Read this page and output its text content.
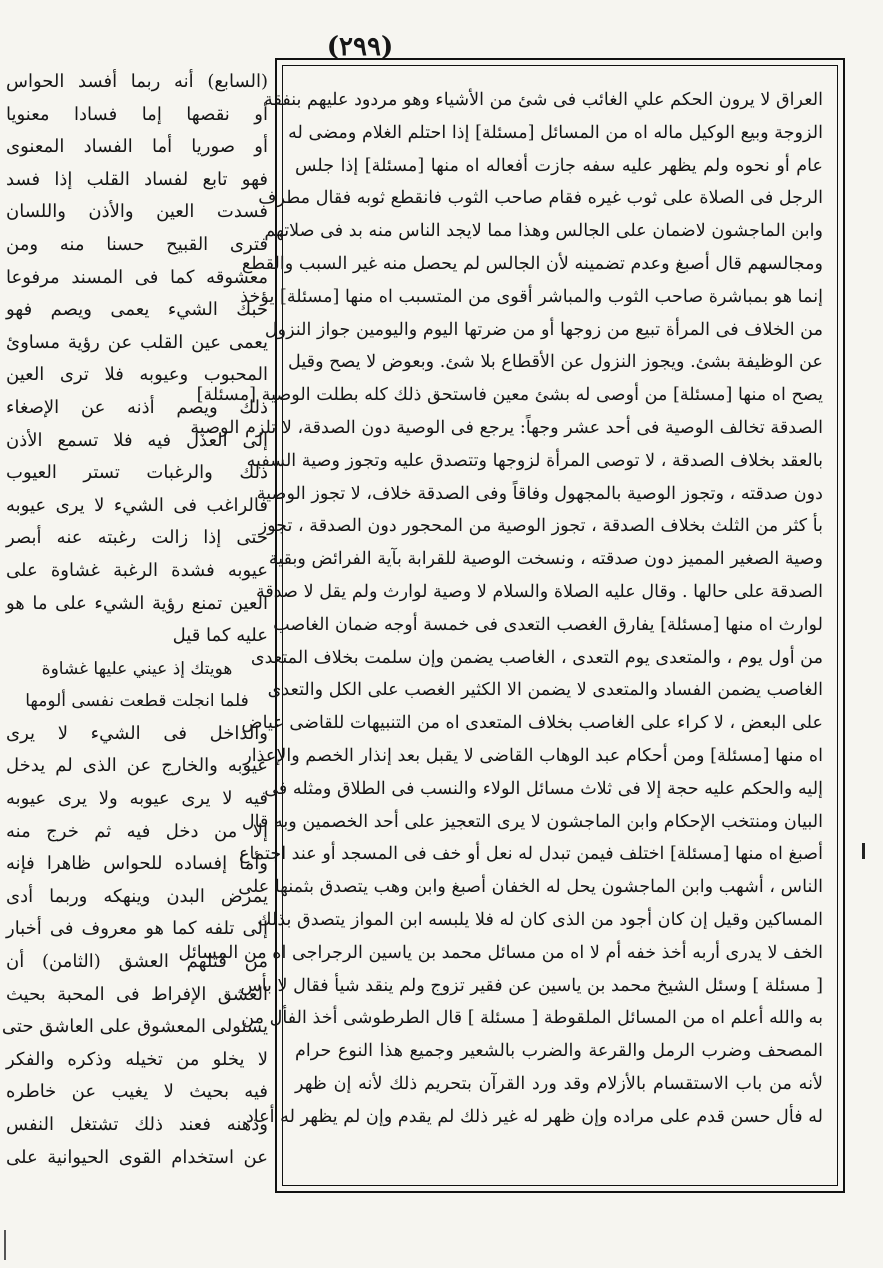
(٢٩٩)

العراق لا يرون الحكم علي الغائب فى شئ من الأشياء وهو مردود عليهم بنفقة

الزوجة وبيع الوكيل ماله اه من المسائل [مسئلة] إذا احتلم الغلام ومضى له

عام أو نحوه ولم يظهر عليه سفه جازت أفعاله اه منها [مسئلة] إذا جلس

الرجل فى الصلاة على ثوب غيره فقام صاحب الثوب فانقطع ثوبه فقال مطرف

وابن الماجشون لاضمان على الجالس وهذا مما لايجد الناس منه بد فى صلاتهم

ومجالسهم قال أصبغ وعدم تضمينه لأن الجالس لم يحصل منه غير السبب والقطع

إنما هو بمباشرة صاحب الثوب والمباشر أقوى من المتسبب اه منها [مسئلة] يؤخذ

من الخلاف فى المرأة تبيع من زوجها أو من ضرتها اليوم واليومين جواز النزول

عن الوظيفة بشئ. ويجوز النزول عن الأقطاع بلا شئ. وبعوض لا يصح وقيل

يصح اه منها [مسئلة] من أوصى له بشئ معين فاستحق ذلك كله بطلت الوصية [مسئلة]

الصدقة تخالف الوصية فى أحد عشر وجهاً: يرجع فى الوصية دون الصدقة، لا تلزم الوصية

بالعقد بخلاف الصدقة ، لا توصى المرأة لزوجها وتتصدق عليه وتجوز وصية السفيه

دون صدقته ، وتجوز الوصية بالمجهول وفاقاً وفى الصدقة خلاف، لا تجوز الوصية

بأ كثر من الثلث بخلاف الصدقة ، تجوز الوصية من المحجور دون الصدقة ، تجوز

وصية الصغير المميز دون صدقته ، ونسخت الوصية للقرابة بآية الفرائض وبقية

الصدقة على حالها . وقال عليه الصلاة والسلام لا وصية لوارث ولم يقل لا صدقة

لوارث اه منها [مسئلة] يفارق الغصب التعدى فى خمسة أوجه ضمان الغاصب

من أول يوم ، والمتعدى يوم التعدى ، الغاصب يضمن وإن سلمت بخلاف المتعدى

الغاصب يضمن الفساد والمتعدى لا يضمن الا الكثير الغصب على الكل والتعدى

على البعض ، لا كراء على الغاصب بخلاف المتعدى اه من التنبيهات للقاضى عياض

اه منها [مسئلة] ومن أحكام عبد الوهاب القاضى لا يقبل بعد إنذار الخصم والإعذار

إليه والحكم عليه حجة إلا فى ثلاث مسائل الولاء والنسب فى الطلاق ومثله فى

البيان ومنتخب الإحكام وابن الماجشون لا يرى التعجيز على أحد الخصمين وبه قال

أصبغ اه منها [مسئلة] اختلف فيمن تبدل له نعل أو خف فى المسجد أو عند اجتماع

الناس ، أشهب وابن الماجشون يحل له الخفان أصبغ وابن وهب يتصدق بثمنها على

المساكين وقيل إن كان أجود من الذى كان له فلا يلبسه ابن المواز يتصدق بذلك

الخف لا يدرى أربه أخذ خفه أم لا اه من مسائل محمد بن ياسين الرجراجى اه من المسائل

[ مسئلة ] وسئل الشيخ محمد بن ياسين عن فقير تزوج ولم ينقد شيأ فقال لا بأس

به والله أعلم اه من المسائل الملقوطة [ مسئلة ] قال الطرطوشى أخذ الفأل من

المصحف وضرب الرمل والقرعة والضرب بالشعير وجميع هذا النوع حرام

لأنه من باب الاستقسام بالأزلام وقد ورد القرآن بتحريم ذلك لأنه إن ظهر

له فأل حسن قدم على مراده وإن ظهر له غير ذلك لم يقدم وإن لم يظهر له أعاد

(السابع) أنه ربما أفسد الحواس

أو نقصها إما فسادا معنويا

أو صوريا أما الفساد المعنوى

فهو تابع لفساد القلب إذا فسد

فسدت العين والأذن واللسان

فترى القبيح حسنا منه ومن

معشوقه كما فى المسند مرفوعا

حبك الشيء يعمى ويصم فهو

يعمى عين القلب عن رؤية مساوئ

المحبوب وعيوبه فلا ترى العين

ذلك ويصم أذنه عن الإصغاء

إلى العذل فيه فلا تسمع الأذن

ذلك والرغبات تستر العيوب

فالراغب فى الشيء لا يرى عيوبه

حتى إذا زالت رغبته عنه أبصر

عيوبه فشدة الرغبة غشاوة على

العين تمنع رؤية الشيء على ما هو

عليه كما قيل

هويتك إذ عيني عليها غشاوة

فلما انجلت قطعت نفسى ألومها

والداخل فى الشيء لا يرى

عيوبه والخارج عن الذى لم يدخل

فيه لا يرى عيوبه ولا يرى عيوبه

إلا من دخل فيه ثم خرج منه

وأما إفساده للحواس ظاهرا فإنه

يمرض البدن وينهكه وربما أدى

إلى تلفه كما هو معروف فى أخبار

من قتلهم العشق (الثامن) أن

العشق الإفراط فى المحبة بحيث

يستولى المعشوق على العاشق حتى

لا يخلو من تخيله وذكره والفكر

فيه بحيث لا يغيب عن خاطره

وذهنه فعند ذلك تشتغل النفس

عن استخدام القوى الحيوانية على
